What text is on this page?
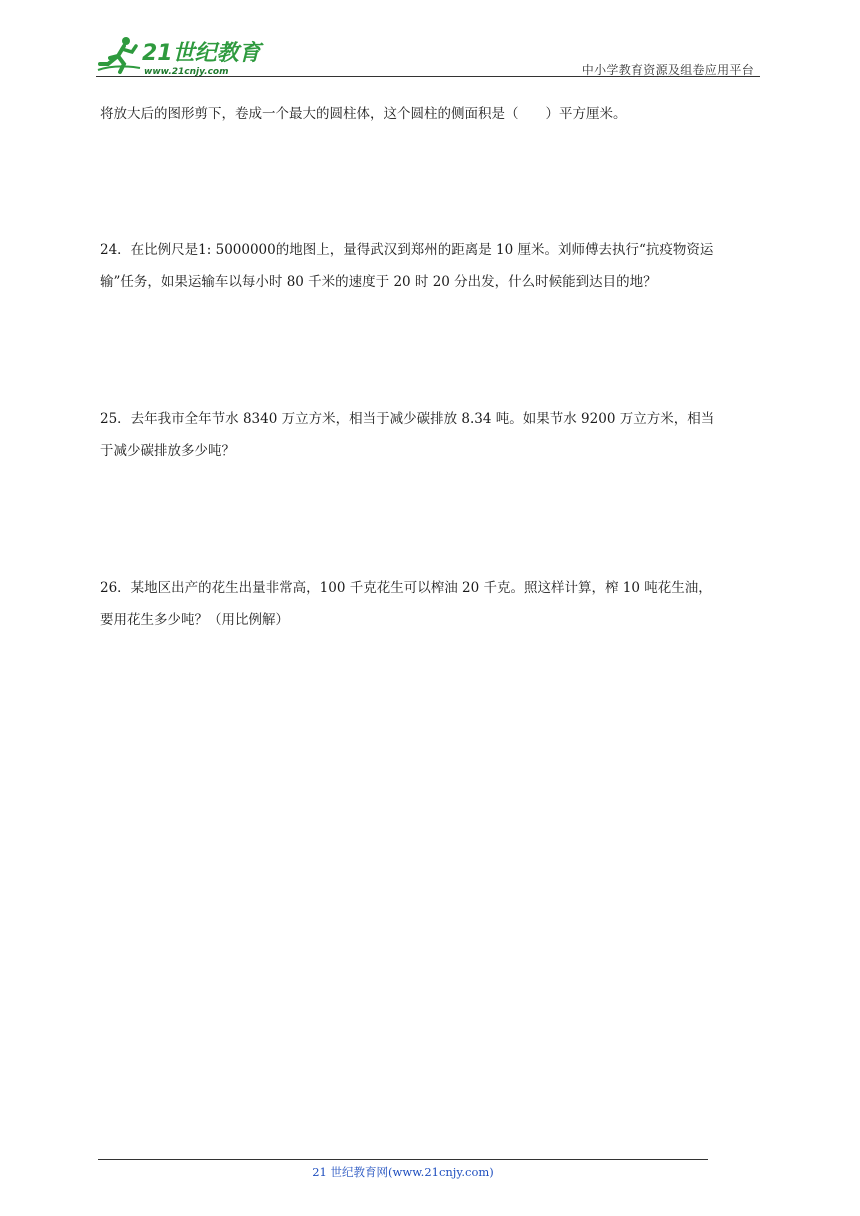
21世纪教育
www.21cnjy.com	中小学教育资源及组卷应用平台
将放大后的图形剪下，卷成一个最大的圆柱体，这个圆柱的侧面积是（　　）平方厘米。
24．在比例尺是1: 5000000的地图上，量得武汉到郑州的距离是 10 厘米。刘师傅去执行“抗疫物资运
输”任务，如果运输车以每小时 80 千米的速度于 20 时 20 分出发，什么时候能到达目的地？
25．去年我市全年节水 8340 万立方米，相当于减少碳排放 8.34 吨。如果节水 9200 万立方米，相当
于减少碳排放多少吨？
26．某地区出产的花生出量非常高，100 千克花生可以榨油 20 千克。照这样计算，榨 10 吨花生油，
要用花生多少吨？（用比例解）
21 世纪教育网(www.21cnjy.com)
